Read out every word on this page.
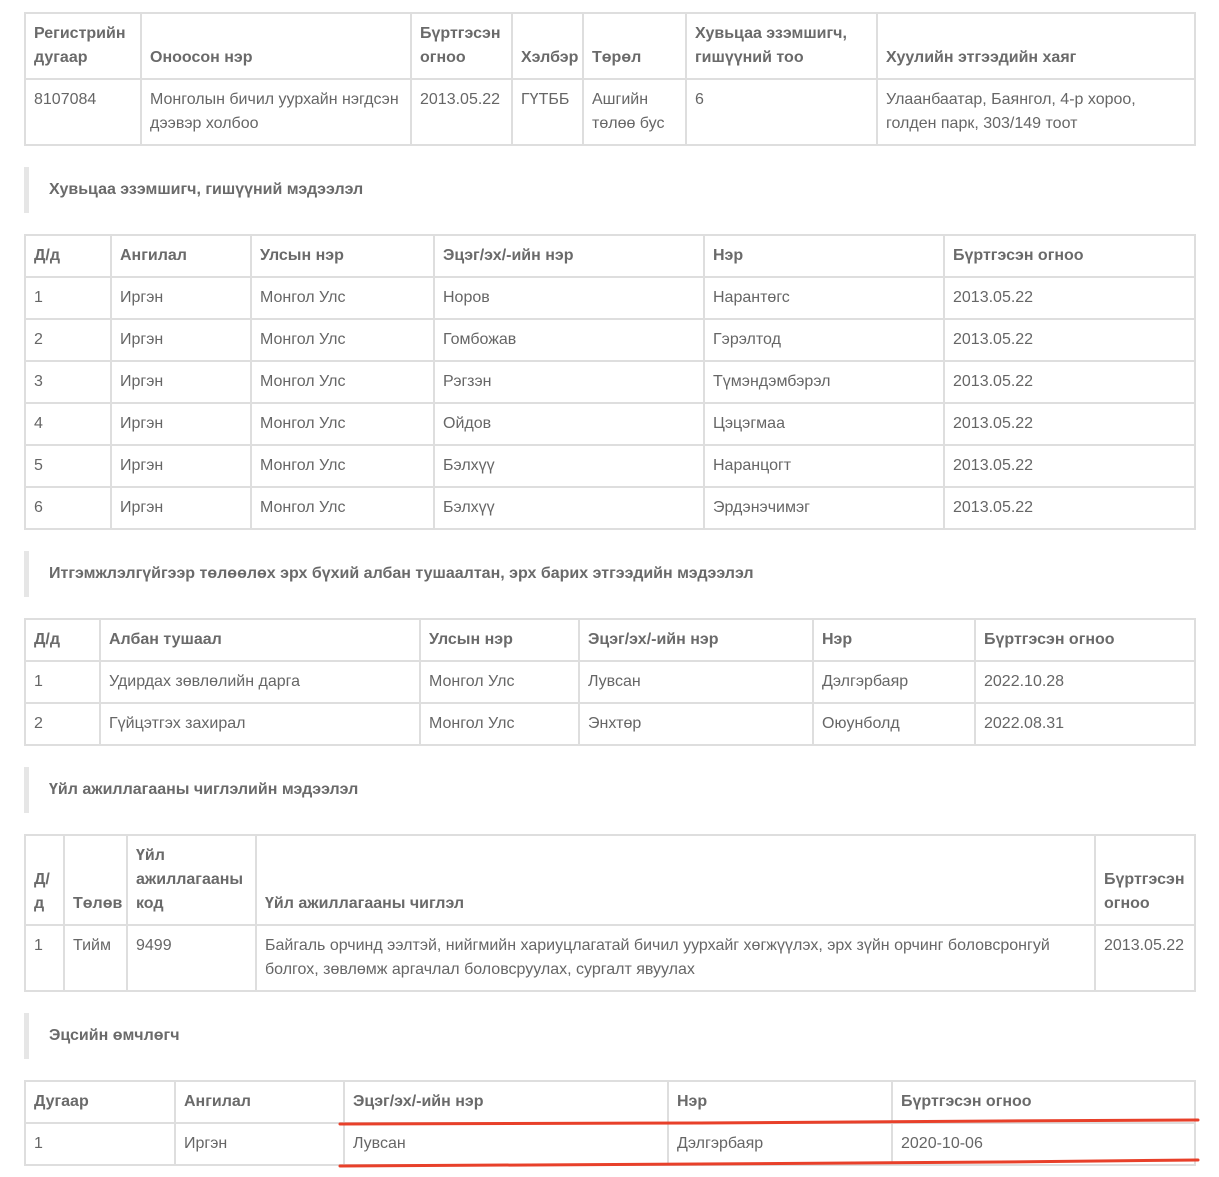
Регистрийн дугаар	Оноосон нэр	Бүртгэсэн огноо	Хэлбэр	Төрөл	Хувьцаа эзэмшигч, гишүүний тоо	Хуулийн этгээдийн хаяг
8107084	Монголын бичил уурхайн нэгдсэн дээвэр холбоо	2013.05.22	ГҮТББ	Ашгийн төлөө бус	6	Улаанбаатар, Баянгол, 4-р хороо, голден парк, 303/149 тоот
Хувьцаа эзэмшигч, гишүүний мэдээлэл
Д/д	Ангилал	Улсын нэр	Эцэг/эх/-ийн нэр	Нэр	Бүртгэсэн огноо
1	Иргэн	Монгол Улс	Норов	Нарантөгс	2013.05.22
2	Иргэн	Монгол Улс	Гомбожав	Гэрэлтод	2013.05.22
3	Иргэн	Монгол Улс	Рэгзэн	Түмэндэмбэрэл	2013.05.22
4	Иргэн	Монгол Улс	Ойдов	Цэцэгмаа	2013.05.22
5	Иргэн	Монгол Улс	Бэлхүү	Наранцогт	2013.05.22
6	Иргэн	Монгол Улс	Бэлхүү	Эрдэнэчимэг	2013.05.22
Итгэмжлэлгүйгээр төлөөлөх эрх бүхий албан тушаалтан, эрх барих этгээдийн мэдээлэл
Д/д	Албан тушаал	Улсын нэр	Эцэг/эх/-ийн нэр	Нэр	Бүртгэсэн огноо
1	Удирдах зөвлөлийн дарга	Монгол Улс	Лувсан	Дэлгэрбаяр	2022.10.28
2	Гүйцэтгэх захирал	Монгол Улс	Энхтөр	Оюунболд	2022.08.31
Үйл ажиллагааны чиглэлийн мэдээлэл
Д/д	Төлөв	Үйл ажиллагааны код	Үйл ажиллагааны чиглэл	Бүртгэсэн огноо
1	Тийм	9499	Байгаль орчинд ээлтэй, нийгмийн хариуцлагатай бичил уурхайг хөгжүүлэх, эрх зүйн орчинг боловсронгуй болгох, зөвлөмж аргачлал боловсруулах, сургалт явуулах	2013.05.22
Эцсийн өмчлөгч
Дугаар	Ангилал	Эцэг/эх/-ийн нэр	Нэр	Бүртгэсэн огноо
1	Иргэн	Лувсан	Дэлгэрбаяр	2020-10-06
